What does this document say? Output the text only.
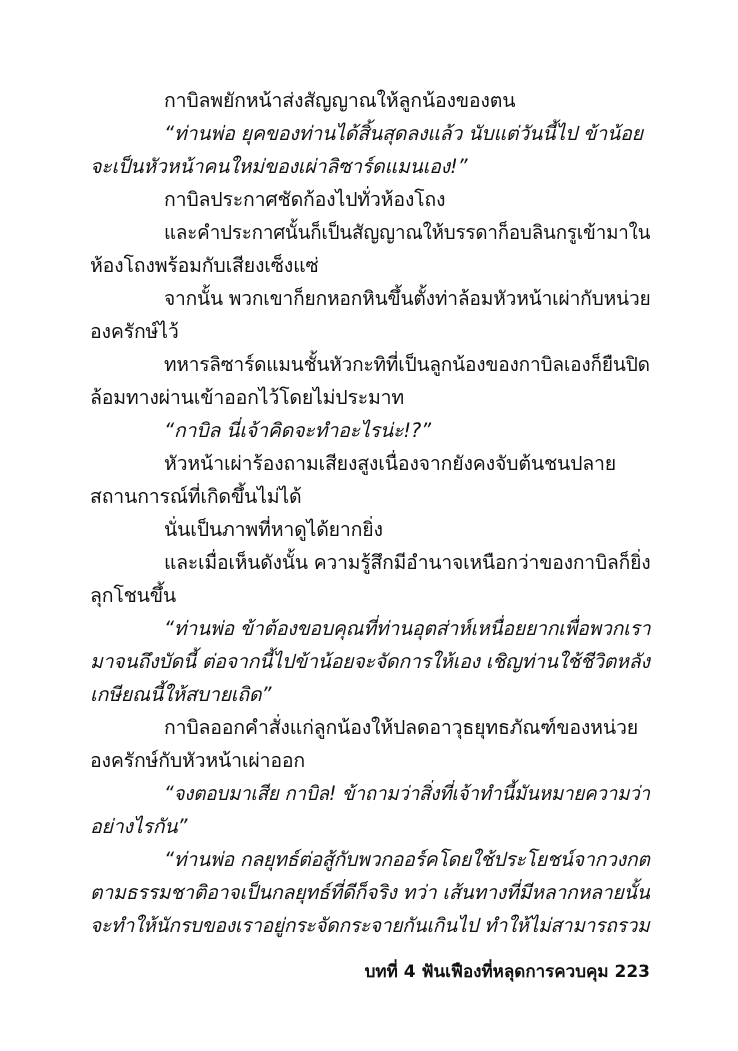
กาบิลพยักหน้าส่งสัญญาณให้ลูกน้องของตน
“ท่านพ่อ ยุคของท่านได้สิ้นสุดลงแล้ว นับแต่วันนี้ไป ข้าน้อย
จะเป็นหัวหน้าคนใหม่ของเผ่าลิซาร์ดแมนเอง!”
กาบิลประกาศชัดก้องไปทั่วห้องโถง
และคำประกาศนั้นก็เป็นสัญญาณให้บรรดาก็อบลินกรูเข้ามาใน
ห้องโถงพร้อมกับเสียงเซ็งแซ่
จากนั้น พวกเขาก็ยกหอกหินขึ้นตั้งท่าล้อมหัวหน้าเผ่ากับหน่วย
องครักษ์ไว้
ทหารลิซาร์ดแมนชั้นหัวกะทิที่เป็นลูกน้องของกาบิลเองก็ยืนปิด
ล้อมทางผ่านเข้าออกไว้โดยไม่ประมาท
“กาบิล นี่เจ้าคิดจะทำอะไรน่ะ!?”
หัวหน้าเผ่าร้องถามเสียงสูงเนื่องจากยังคงจับต้นชนปลาย
สถานการณ์ที่เกิดขึ้นไม่ได้
นั่นเป็นภาพที่หาดูได้ยากยิ่ง
และเมื่อเห็นดังนั้น ความรู้สึกมีอำนาจเหนือกว่าของกาบิลก็ยิ่ง
ลุกโชนขึ้น
“ท่านพ่อ ข้าต้องขอบคุณที่ท่านอุตส่าห์เหนื่อยยากเพื่อพวกเรา
มาจนถึงบัดนี้ ต่อจากนี้ไปข้าน้อยจะจัดการให้เอง เชิญท่านใช้ชีวิตหลัง
เกษียณนี้ให้สบายเถิด”
กาบิลออกคำสั่งแก่ลูกน้องให้ปลดอาวุธยุทธภัณฑ์ของหน่วย
องครักษ์กับหัวหน้าเผ่าออก
“จงตอบมาเสีย กาบิล! ข้าถามว่าสิ่งที่เจ้าทำนี้มันหมายความว่า
อย่างไรกัน”
“ท่านพ่อ กลยุทธ์ต่อสู้กับพวกออร์คโดยใช้ประโยชน์จากวงกต
ตามธรรมชาติอาจเป็นกลยุทธ์ที่ดีก็จริง ทว่า เส้นทางที่มีหลากหลายนั้น
จะทำให้นักรบของเราอยู่กระจัดกระจายกันเกินไป ทำให้ไม่สามารถรวม
บทที่ 4 ฟันเฟืองที่หลุดการควบคุม 223
